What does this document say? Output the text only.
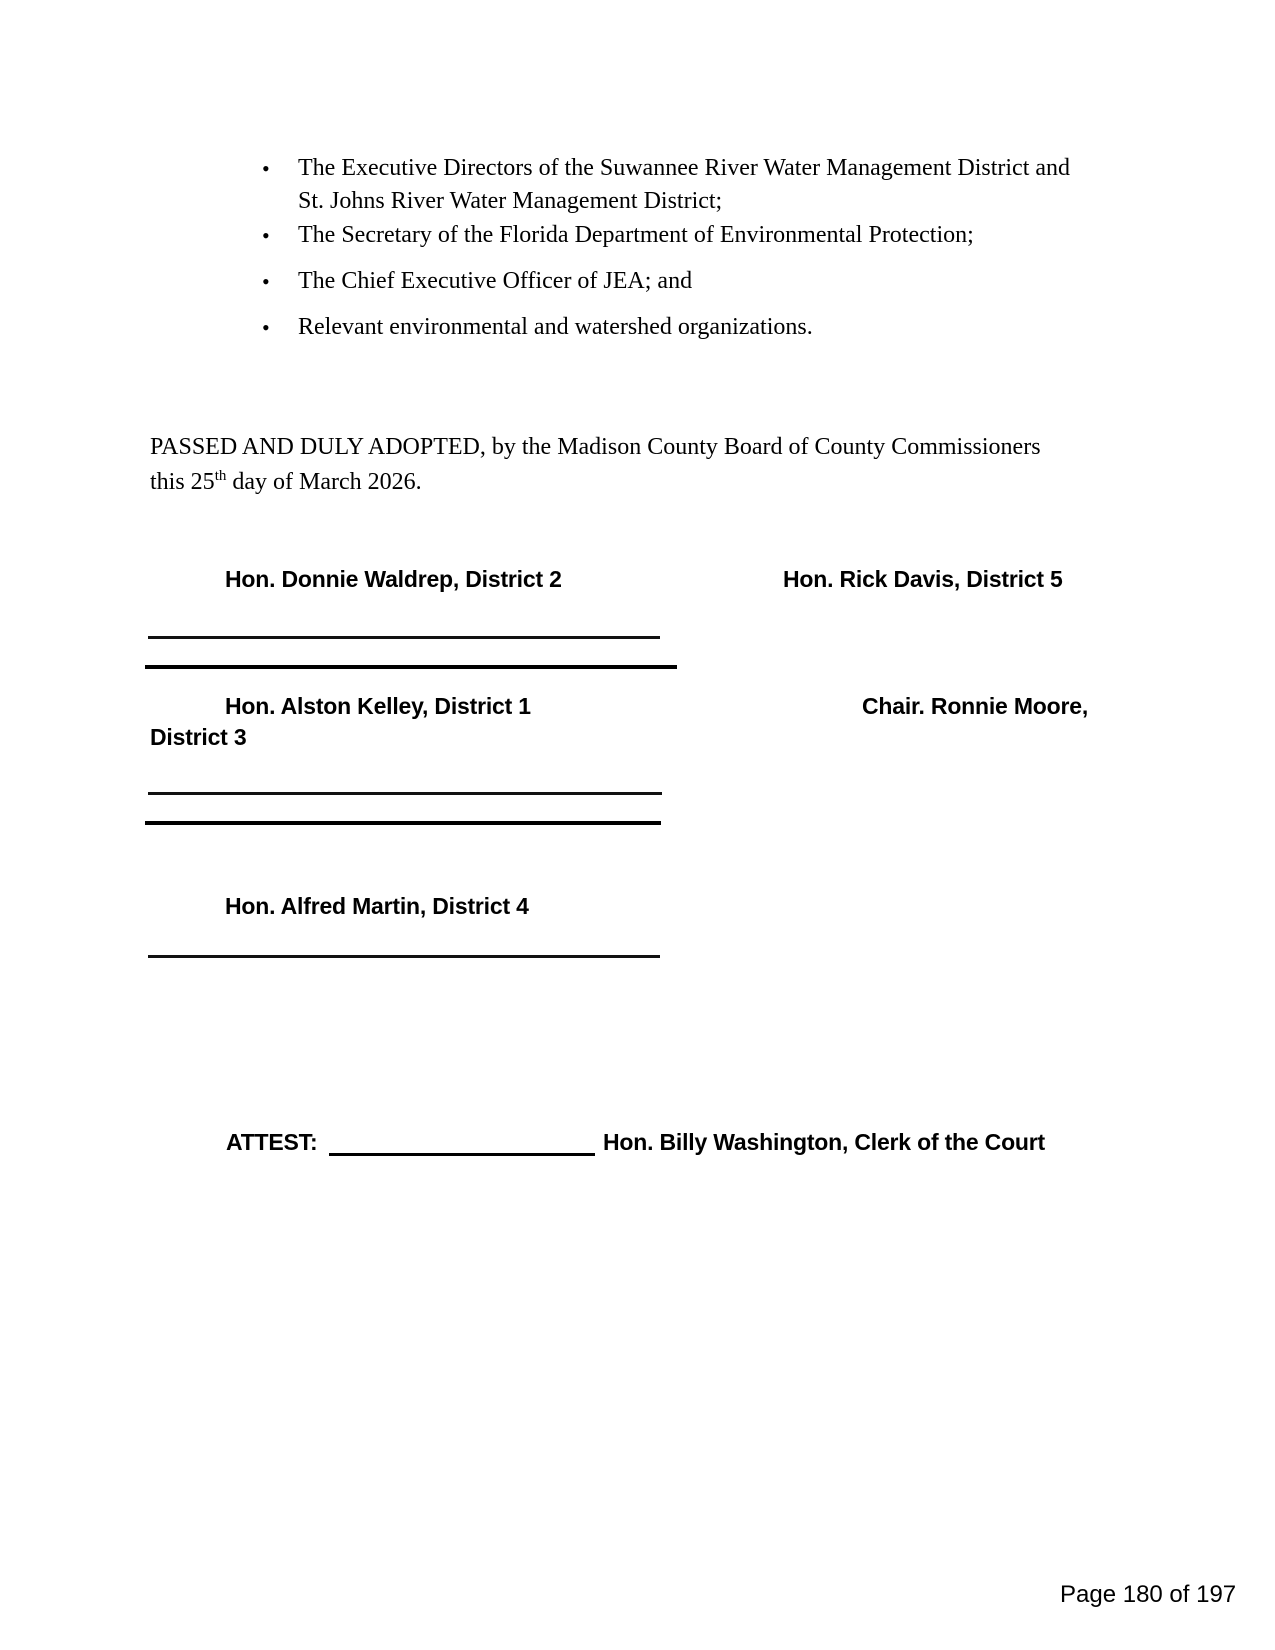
•	The Executive Directors of the Suwannee River Water Management District and
St. Johns River Water Management District;
•	The Secretary of the Florida Department of Environmental Protection;
•	The Chief Executive Officer of JEA; and
•	Relevant environmental and watershed organizations.
PASSED AND DULY ADOPTED, by the Madison County Board of County Commissioners
this 25th day of March 2026.
Hon. Donnie Waldrep, District 2	Hon. Rick Davis, District 5
Hon. Alston Kelley, District 1	Chair. Ronnie Moore,
District 3
Hon. Alfred Martin, District 4
ATTEST:	Hon. Billy Washington, Clerk of the Court
Page 180 of 197
